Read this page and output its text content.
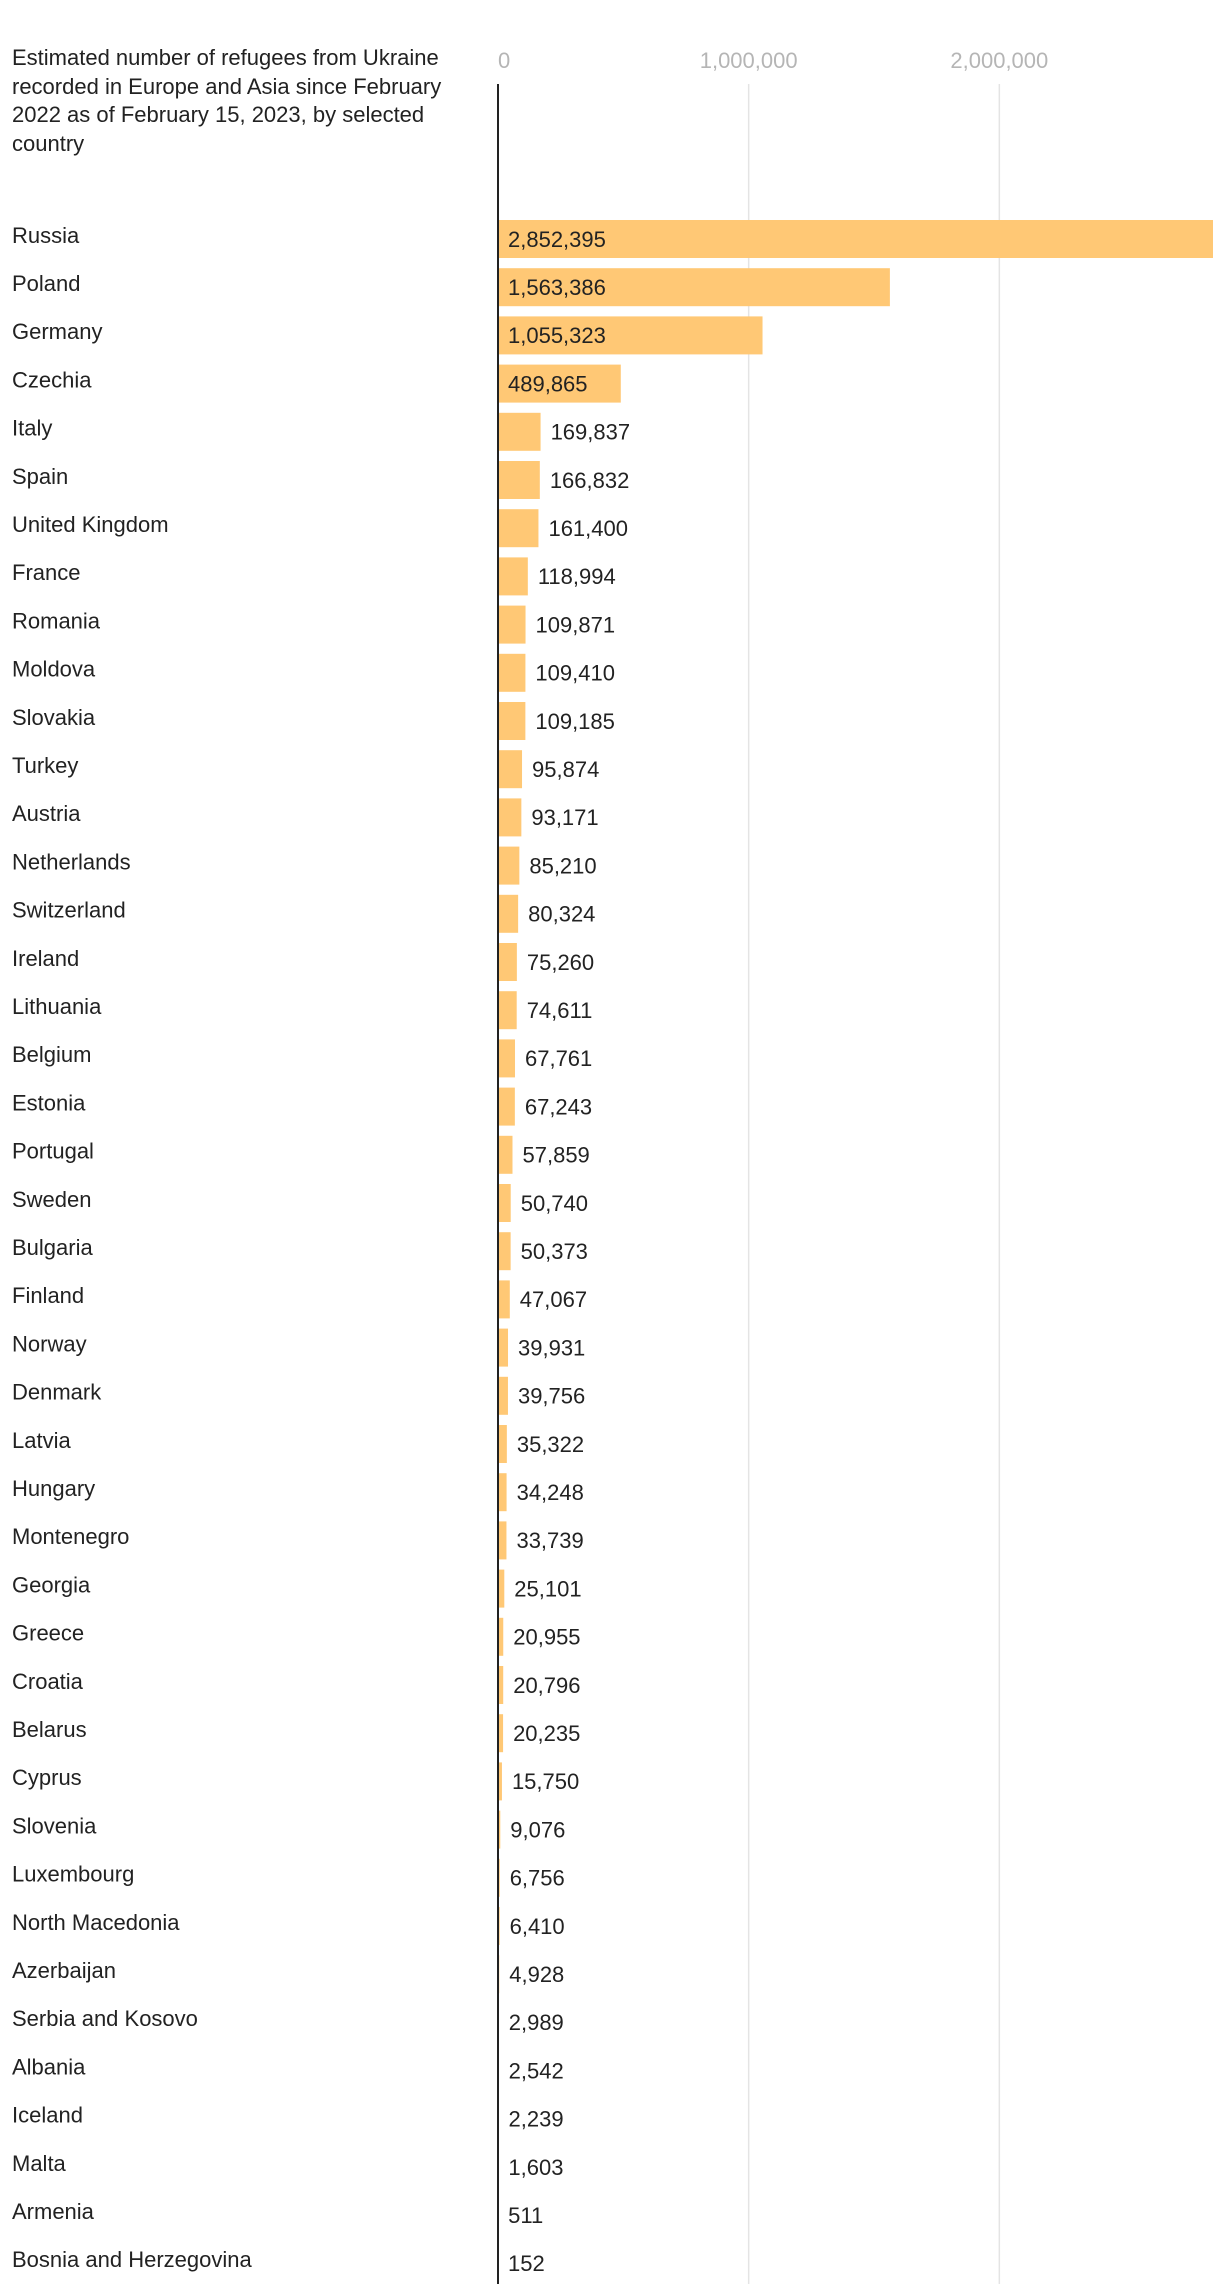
Estimated number of refugees from Ukraine recorded in Europe and Asia since February 2022 as of February 15, 2023, by selected country
0	1,000,000	2,000,000
Russia
Poland
Germany
Czechia
Italy
Spain
United Kingdom
France
Romania
Moldova
Slovakia
Turkey
Austria
Netherlands
Switzerland
Ireland
Lithuania
Belgium
Estonia
Portugal
Sweden
Bulgaria
Finland
Norway
Denmark
Latvia
Hungary
Montenegro
Georgia
Greece
Croatia
Belarus
Cyprus
Slovenia
Luxembourg
North Macedonia
Azerbaijan
Serbia and Kosovo
Albania
Iceland
Malta
Armenia
Bosnia and Herzegovina
2,852,395
1,563,386
1,055,323
489,865
169,837
166,832
161,400
118,994
109,871
109,410
109,185
95,874
93,171
85,210
80,324
75,260
74,611
67,761
67,243
57,859
50,740
50,373
47,067
39,931
39,756
35,322
34,248
33,739
25,101
20,955
20,796
20,235
15,750
9,076
6,756
6,410
4,928
2,989
2,542
2,239
1,603
511
152
